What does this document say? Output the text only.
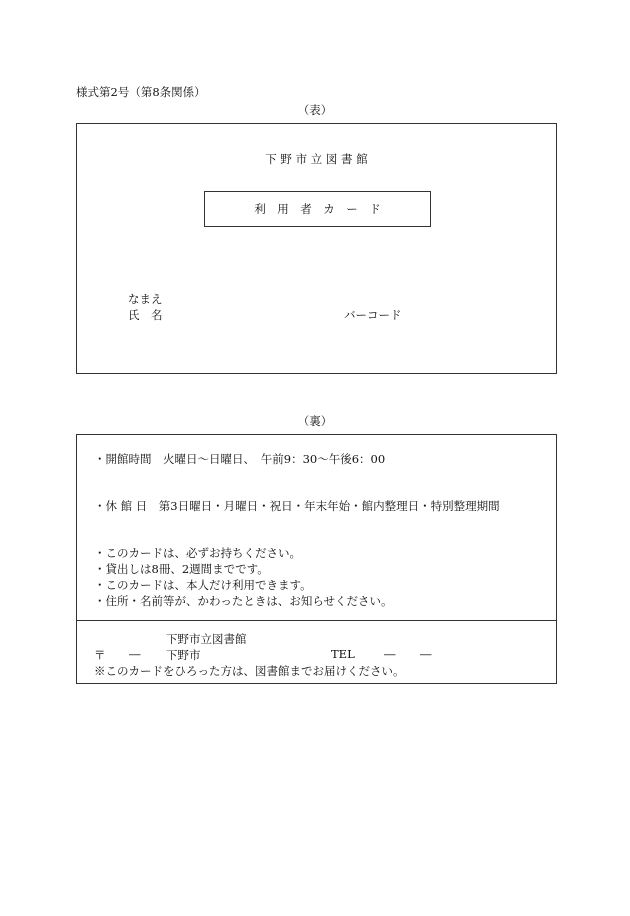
様式第2号（第8条関係）
（表）
下 野 市 立 図 書 館
利　用　者　カ　ー　ド
なまえ
氏　名	バーコード
（裏）
・開館時間　火曜日～日曜日、　午前9：30～午後6：00
・休 館 日　第3日曜日・月曜日・祝日・年末年始・館内整理日・特別整理期間
・このカードは、必ずお持ちください。
・貸出しは8冊、2週間までです。
・このカードは、本人だけ利用できます。
・住所・名前等が、かわったときは、お知らせください。
下野市立図書館
〒 ― 下野市	TEL	― ―
※このカードをひろった方は、図書館までお届けください。
